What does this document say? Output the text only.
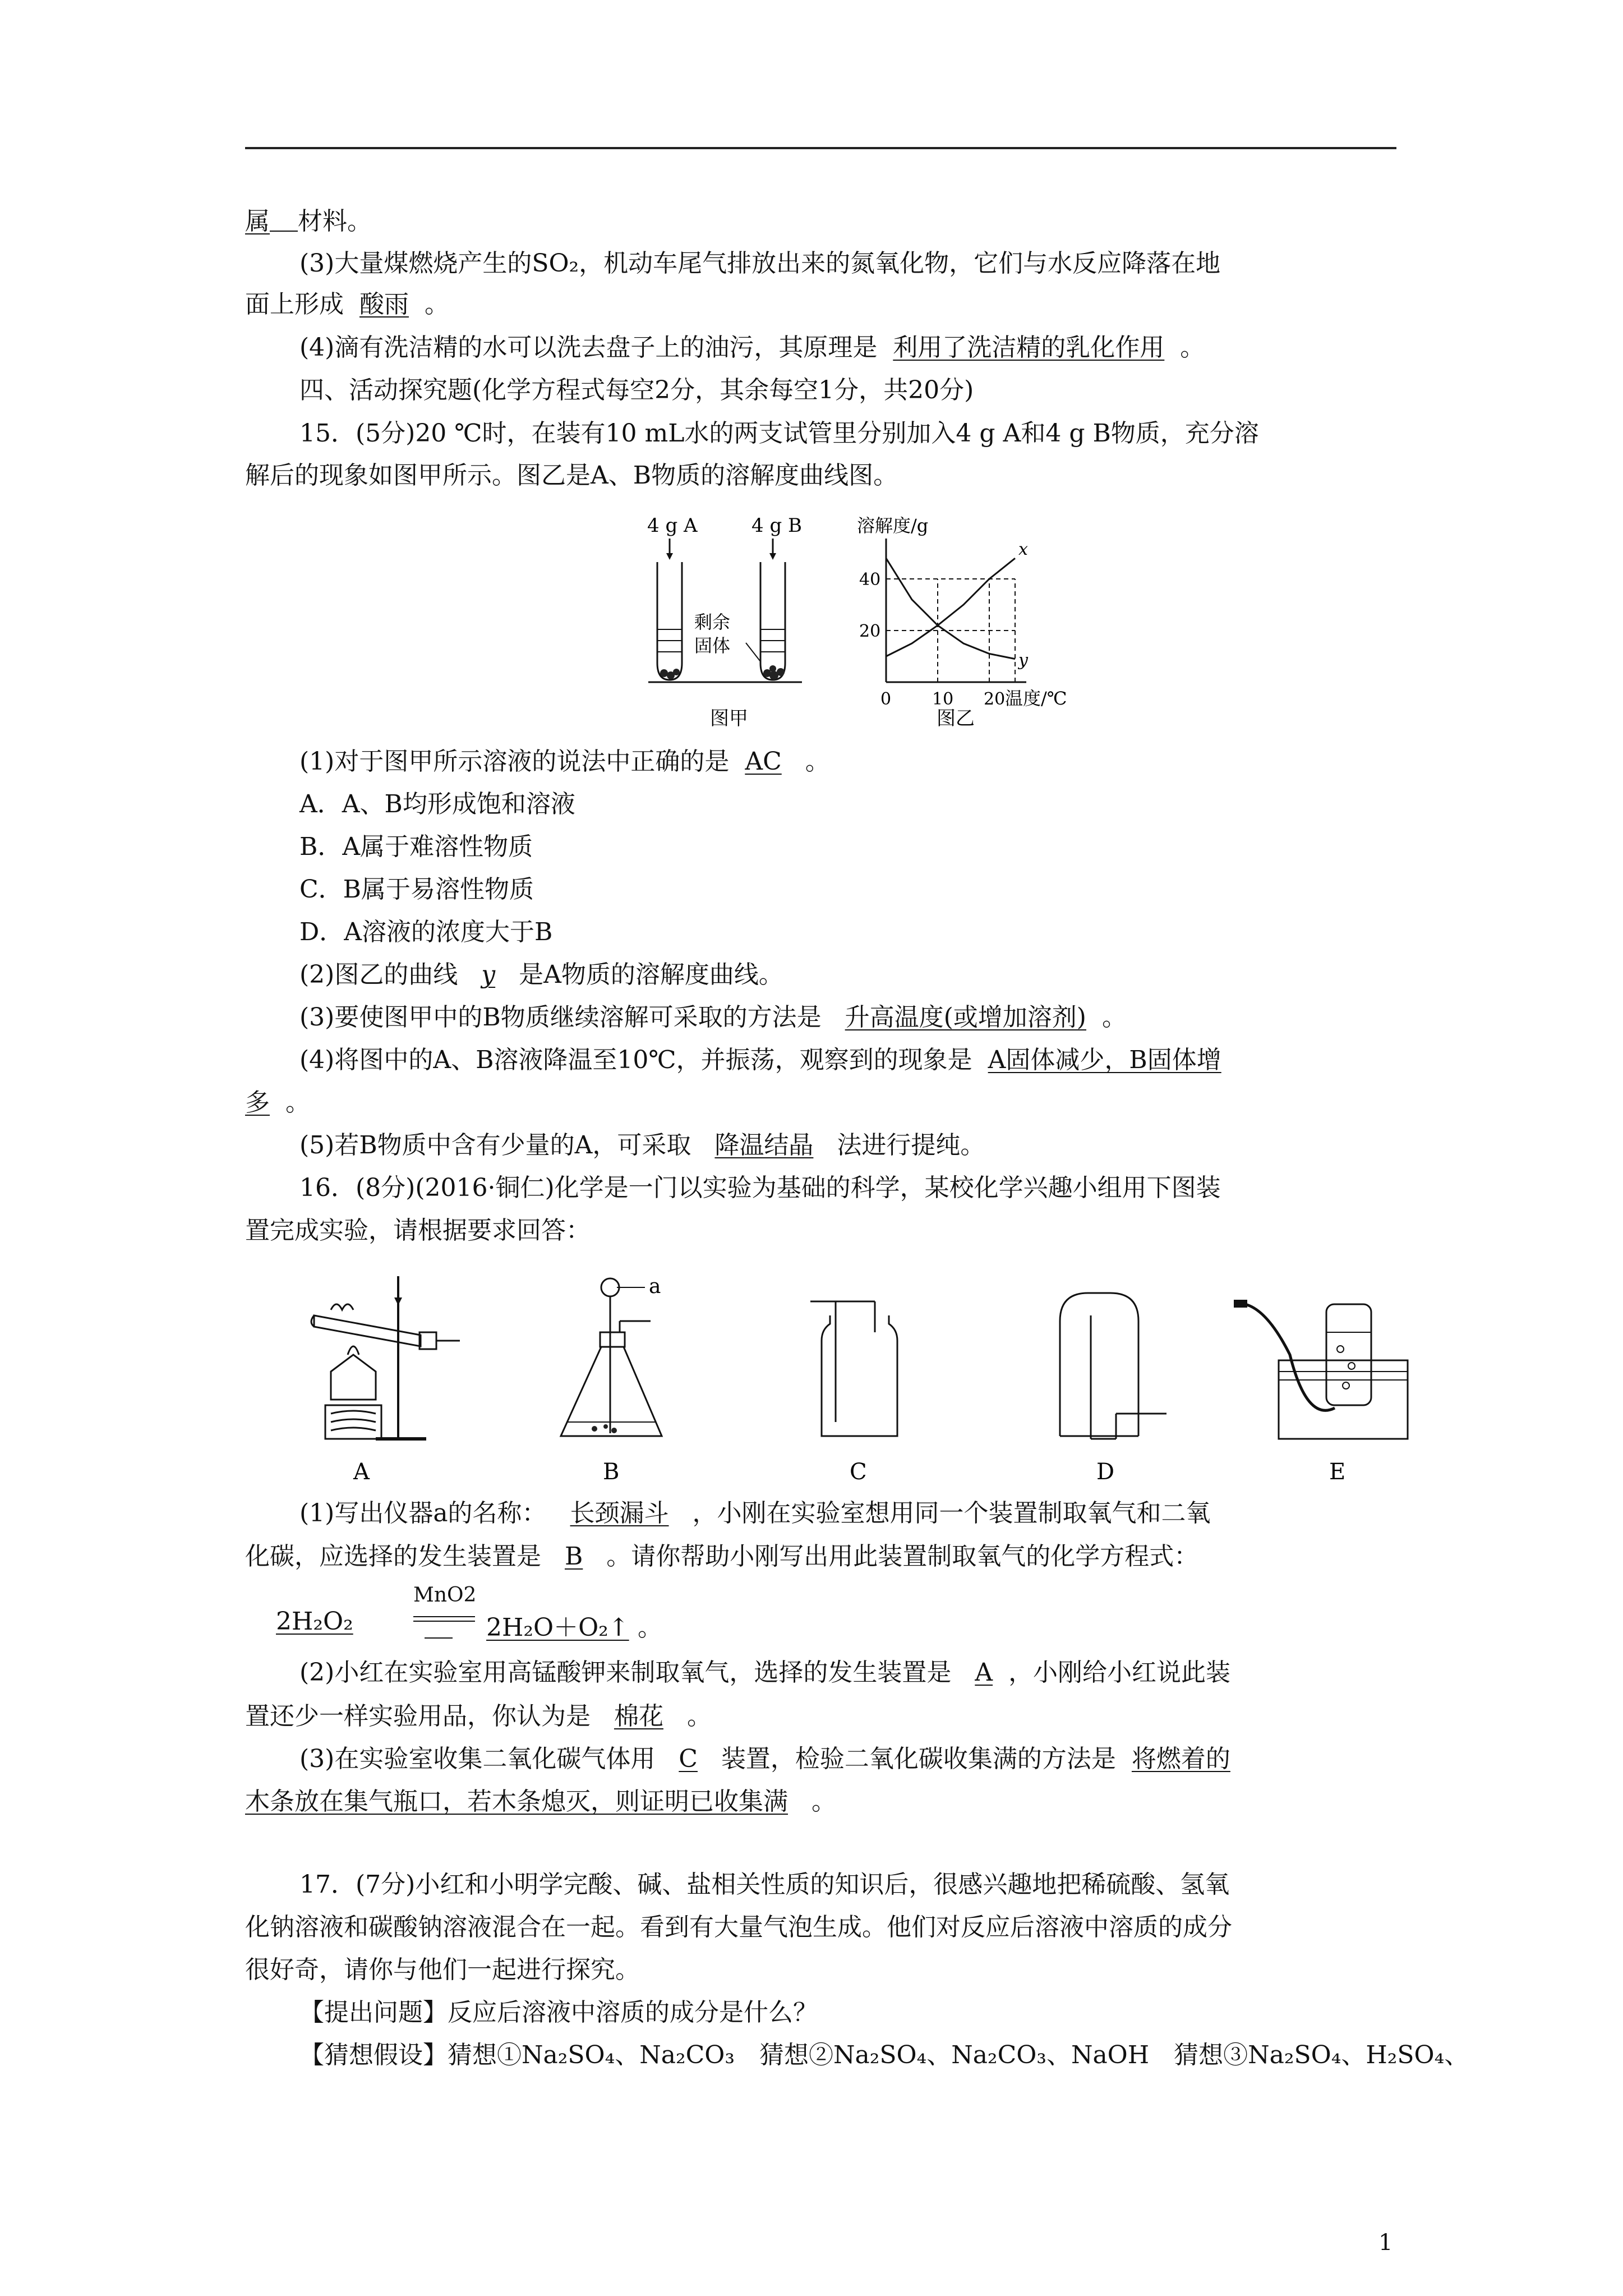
属 材料。
(3)大量煤燃烧产生的SO₂，机动车尾气排放出来的氮氧化物，它们与水反应降落在地
面上形成 酸雨 。
(4)滴有洗洁精的水可以洗去盘子上的油污，其原理是 利用了洗洁精的乳化作用 。
四、活动探究题(化学方程式每空2分，其余每空1分，共20分)
15．(5分)20 ℃时，在装有10 mL水的两支试管里分别加入4 g A和4 g B物质，充分溶
解后的现象如图甲所示。图乙是A、B物质的溶解度曲线图。
4 g A	4 g B
剩余
固体
图甲
溶解度/g
20
40
0 10 20
x
y
温度/℃
图乙
(1)对于图甲所示溶液的说法中正确的是 AC 。
A．A、B均形成饱和溶液
B．A属于难溶性物质
C．B属于易溶性物质
D．A溶液的浓度大于B
(2)图乙的曲线 y 是A物质的溶解度曲线。
(3)要使图甲中的B物质继续溶解可采取的方法是 升高温度(或增加溶剂) 。
(4)将图中的A、B溶液降温至10℃，并振荡，观察到的现象是 A固体减少，B固体增
多 。
(5)若B物质中含有少量的A，可采取 降温结晶 法进行提纯。
16．(8分)(2016·铜仁)化学是一门以实验为基础的科学，某校化学兴趣小组用下图装
置完成实验，请根据要求回答：
A
a
B	C	D	E
(1)写出仪器a的名称： 长颈漏斗 ，小刚在实验室想用同一个装置制取氧气和二氧
化碳，应选择的发生装置是 B 。请你帮助小刚写出用此装置制取氧气的化学方程式：
2H₂O₂
MnO2
2H₂O＋O₂↑ 。
(2)小红在实验室用高锰酸钾来制取氧气，选择的发生装置是 A ，小刚给小红说此装
置还少一样实验用品，你认为是 棉花 。
(3)在实验室收集二氧化碳气体用 C 装置，检验二氧化碳收集满的方法是 将燃着的
木条放在集气瓶口，若木条熄灭，则证明已收集满 。
17．(7分)小红和小明学完酸、碱、盐相关性质的知识后，很感兴趣地把稀硫酸、氢氧
化钠溶液和碳酸钠溶液混合在一起。看到有大量气泡生成。他们对反应后溶液中溶质的成分
很好奇，请你与他们一起进行探究。
【提出问题】反应后溶液中溶质的成分是什么？
【猜想假设】猜想①Na₂SO₄、Na₂CO₃　猜想②Na₂SO₄、Na₂CO₃、NaOH　猜想③Na₂SO₄、H₂SO₄、
1
